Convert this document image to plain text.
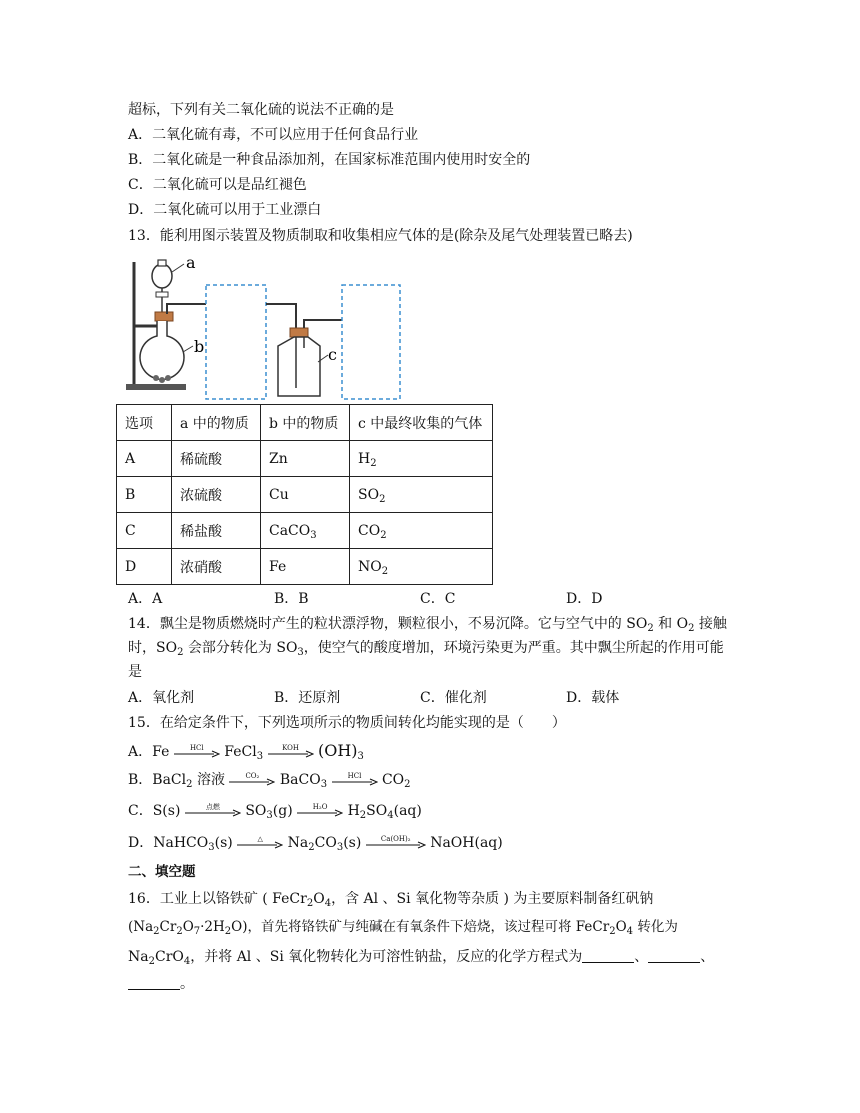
超标，下列有关二氧化硫的说法不正确的是
A．二氧化硫有毒，不可以应用于任何食品行业
B．二氧化硫是一种食品添加剂，在国家标准范围内使用时安全的
C．二氧化硫可以是品红褪色
D．二氧化硫可以用于工业漂白
13．能利用图示装置及物质制取和收集相应气体的是(除杂及尾气处理装置已略去)
a
b	c
选项	a 中的物质	b 中的物质	c 中最终收集的气体
A	稀硫酸	Zn	$H_2$
B	浓硫酸	Cu	$SO_2$
C	稀盐酸	CaCO$_3$	$CO_2$
D	浓硝酸	Fe	$NO_2$
A．A	B．B	C．C	D．D
14．飘尘是物质燃烧时产生的粒状漂浮物，颗粒很小，不易沉降。它与空气中的 $SO_2$ 和 $O_2$ 接触
时，$SO_2$ 会部分转化为 $SO_3$，使空气的酸度增加，环境污染更为严重。其中飘尘所起的作用可能
是
A．氧化剂	B．还原剂	C．催化剂	D．载体
15．在给定条件下，下列选项所示的物质间转化均能实现的是（　　）
A．Fe	HCl	FeCl$_3$
KOH	$(OH)_3$
B．BaCl$_2$ 溶液	CO₂	BaCO$_3$
HCl	$CO_2$
C．S(s)	点燃	$SO_3(g)$	H₂O	$H_2SO_4(aq)$
D．NaHCO$_3$(s)	△	$Na_2CO_3(s)$	Ca(OH)₂	NaOH(aq)
二、填空题
16．工业上以铬铁矿 ( $FeCr_2O_4$，含 Al 、Si 氧化物等杂质 ) 为主要原料制备红矾钠
$(Na_2Cr_2O_7\cdot 2H_2O)$，首先将铬铁矿与纯碱在有氧条件下焙烧，该过程可将 $FeCr_2O_4$ 转化为
$Na_2CrO_4$，并将 Al 、Si 氧化物转化为可溶性钠盐，反应的化学方程式为	、	、
。
